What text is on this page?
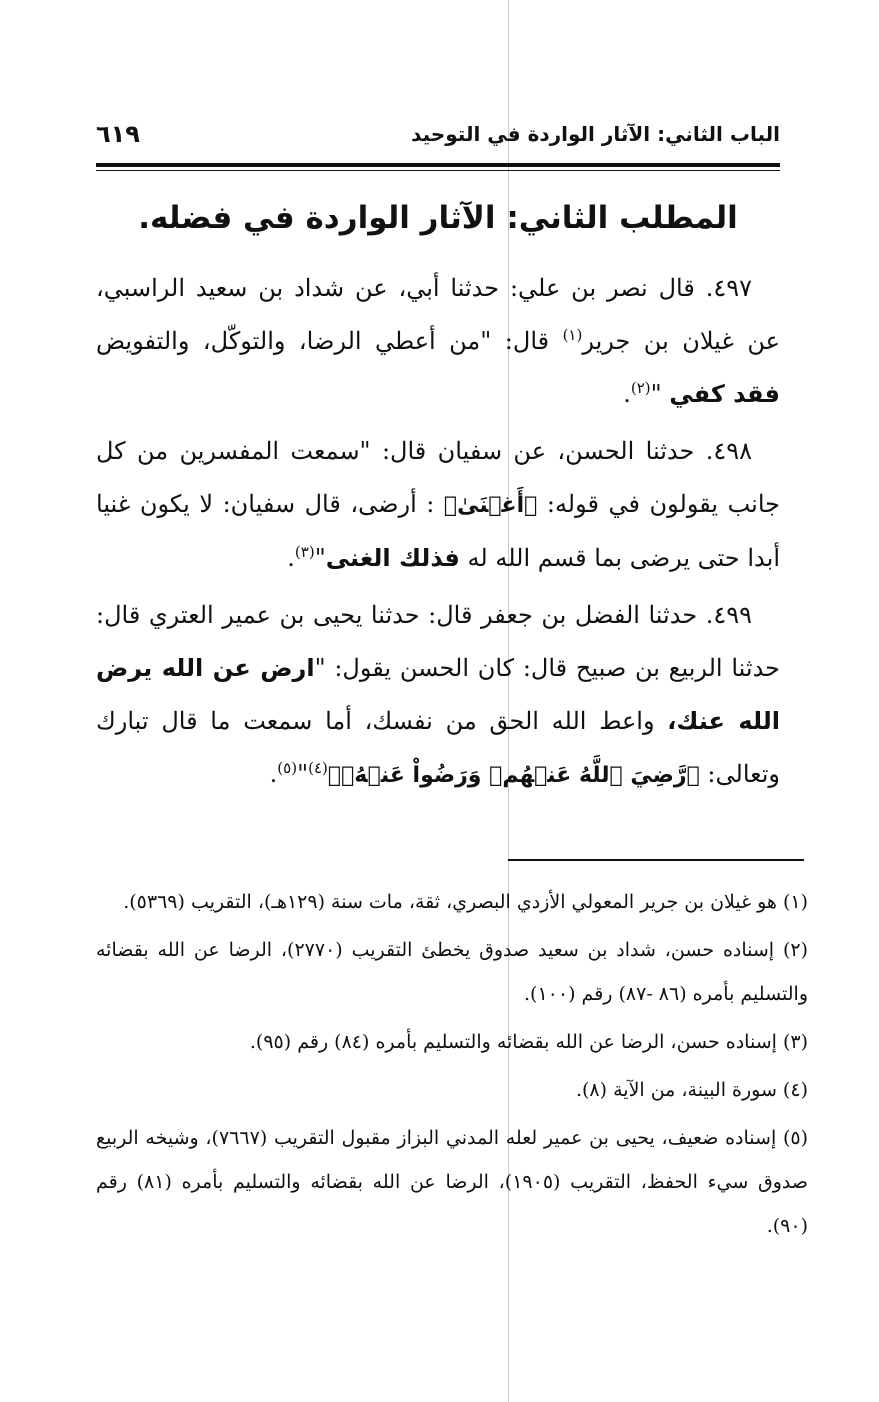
الباب الثاني: الآثار الواردة في التوحيد
٦١٩
المطلب الثاني: الآثار الواردة في فضله.

٤٩٧. قال نصر بن علي: حدثنا أبي، عن شداد بن سعيد الراسبي، عن غيلان بن جرير$^{(١)}$ قال: "من أعطي الرضا، والتوكّل، والتفويض فقد كفي "$^{(٢)}$.

٤٩٨. حدثنا الحسن، عن سفيان قال: "سمعت المفسرين من كل جانب يقولون في قوله: ﴿أَغۡنَىٰ﴾ : أرضى، قال سفيان: لا يكون غنيا أبدا حتى يرضى بما قسم الله له فذلك الغنى"$^{(٣)}$.

٤٩٩. حدثنا الفضل بن جعفر قال: حدثنا يحيى بن عمير العتري قال: حدثنا الربيع بن صبيح قال: كان الحسن يقول: "ارض عن الله يرض الله عنك، واعط الله الحق من نفسك، أما سمعت ما قال تبارك وتعالى: ﴿رَّضِيَ ٱللَّهُ عَنۡهُمۡ وَرَضُواْ عَنۡهُۚ﴾$^{(٤)}$"$^{(٥)}$.

(١) هو غيلان بن جرير المعولي الأزدي البصري، ثقة، مات سنة (١٢٩هـ)، التقريب (٥٣٦٩).

(٢) إسناده حسن، شداد بن سعيد صدوق يخطئ التقريب (٢٧٧٠)، الرضا عن الله بقضائه والتسليم بأمره (٨٦ -٨٧) رقم (١٠٠).

(٣) إسناده حسن، الرضا عن الله بقضائه والتسليم بأمره (٨٤) رقم (٩٥).

(٤) سورة البينة، من الآية (٨).

(٥) إسناده ضعيف، يحيى بن عمير لعله المدني البزاز مقبول التقريب (٧٦٦٧)، وشيخه الربيع صدوق سيء الحفظ، التقريب (١٩٠٥)، الرضا عن الله بقضائه والتسليم بأمره (٨١) رقم (٩٠).
